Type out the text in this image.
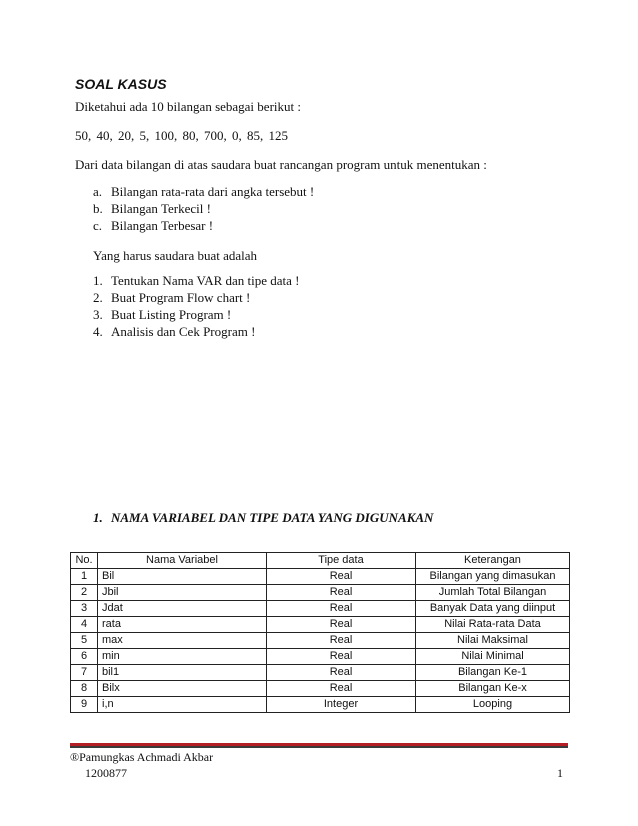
SOAL KASUS
Diketahui ada 10 bilangan sebagai berikut :
50, 40, 20, 5, 100, 80, 700, 0, 85, 125
Dari data bilangan di atas saudara buat rancangan program untuk menentukan :
a. Bilangan rata-rata dari angka tersebut !
b. Bilangan Terkecil !
c. Bilangan Terbesar !
Yang harus saudara buat adalah
1. Tentukan Nama VAR dan tipe data !
2. Buat Program Flow chart !
3. Buat Listing Program !
4. Analisis dan Cek Program !
1. NAMA VARIABEL DAN TIPE DATA YANG DIGUNAKAN
No.	Nama Variabel	Tipe data	Keterangan
1	Bil	Real	Bilangan yang dimasukan
2	Jbil	Real	Jumlah Total Bilangan
3	Jdat	Real	Banyak Data yang diinput
4	rata	Real	Nilai Rata-rata Data
5	max	Real	Nilai Maksimal
6	min	Real	Nilai Minimal
7	bil1	Real	Bilangan Ke-1
8	Bilx	Real	Bilangan Ke-x
9	i,n	Integer	Looping
®Pamungkas Achmadi Akbar
1200877	1
